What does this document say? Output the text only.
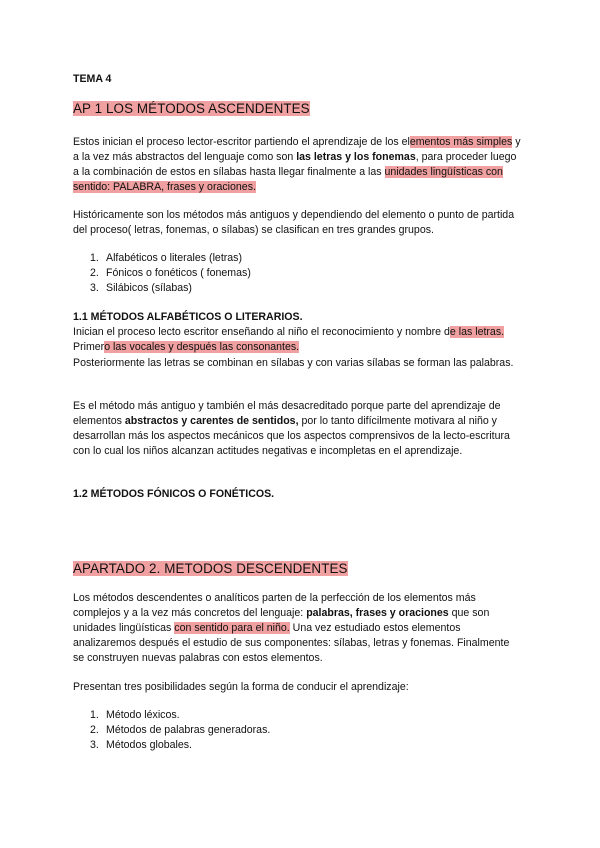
TEMA 4

AP 1 LOS MÉTODOS ASCENDENTES

Estos inician el proceso lector-escritor partiendo el aprendizaje de los elementos más simples y a la vez más abstractos del lenguaje como son las letras y los fonemas, para proceder luego a la combinación de estos en sílabas hasta llegar finalmente a las unidades lingüísticas con sentido: PALABRA, frases y oraciones.

Históricamente son los métodos más antiguos y dependiendo del elemento o punto de partida del proceso( letras, fonemas, o sílabas) se clasifican en tres grandes grupos.

1. Alfabéticos o literales (letras)
2. Fónicos o fonéticos ( fonemas)
3. Silábicos (sílabas)

1.1 MÉTODOS ALFABÉTICOS O LITERARIOS.

Inician el proceso lecto escritor enseñando al niño el reconocimiento y nombre de las letras.

Primero las vocales y después las consonantes.

Posteriormente las letras se combinan en sílabas y con varias sílabas se forman las palabras.

Es el método más antiguo y también el más desacreditado porque parte del aprendizaje de elementos abstractos y carentes de sentidos, por lo tanto difícilmente motivara al niño y desarrollan más los aspectos mecánicos que los aspectos comprensivos de la lecto-escritura con lo cual los niños alcanzan actitudes negativas e incompletas en el aprendizaje.

1.2 MÉTODOS FÓNICOS O FONÉTICOS.

APARTADO 2. METODOS DESCENDENTES

Los métodos descendentes o analíticos parten de la perfección de los elementos más complejos y a la vez más concretos del lenguaje: palabras, frases y oraciones que son unidades lingüísticas con sentido para el niño. Una vez estudiado estos elementos analizaremos después el estudio de sus componentes: sílabas, letras y fonemas. Finalmente se construyen nuevas palabras con estos elementos.

Presentan tres posibilidades según la forma de conducir el aprendizaje:

1. Método léxicos.
2. Métodos de palabras generadoras.
3. Métodos globales.
